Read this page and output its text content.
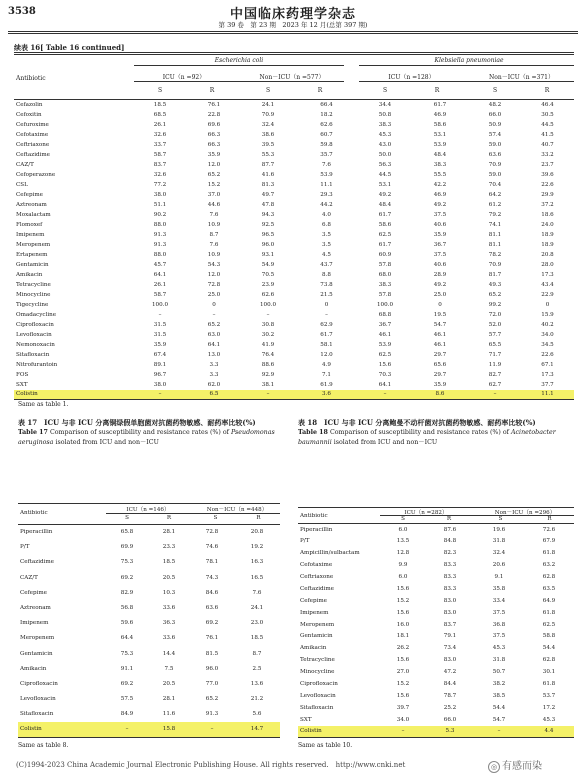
3538	中国临床药理学杂志
第 39 卷　第 23 期　2023 年 12 月(总第 397 期)
续表 16[ Table 16 continued]
Antibiotic
Escherichia coli	Klebsiella pneumoniae
ICU（n =92）	Non－ICU（n =577）	ICU（n =128）	Non－ICU（n =371）
S	R	S	R	S	R	S	R
Cefazolin	18.5	76.1	24.1	66.4	34.4	61.7	48.2	46.4
Cefoxitin	68.5	22.8	70.9	18.2	50.8	46.9	66.0	30.5
Cefuroxime	26.1	69.6	32.4	62.6	38.3	58.6	50.9	44.5
Cefotaxime	32.6	66.3	38.6	60.7	45.3	53.1	57.4	41.5
Ceftriaxone	33.7	66.3	39.5	59.8	43.0	53.9	59.0	40.7
Ceftazidime	58.7	35.9	55.3	35.7	50.0	48.4	63.6	33.2
CAZ/T	83.7	12.0	87.7	7.6	56.3	38.3	70.9	23.7
Cefoperazone	32.6	65.2	41.6	53.9	44.5	55.5	59.0	39.6
CSL	77.2	15.2	81.3	11.1	53.1	42.2	70.4	22.6
Cefepime	38.0	37.0	49.7	29.3	49.2	46.9	64.2	29.9
Aztreonam	51.1	44.6	47.8	44.2	48.4	49.2	61.2	37.2
Moxalactam	90.2	7.6	94.3	4.0	61.7	37.5	79.2	18.6
Flomoxef	88.0	10.9	92.5	6.8	58.6	40.6	74.1	24.0
Imipenem	91.3	8.7	96.5	3.5	62.5	35.9	81.1	18.9
Meropenem	91.3	7.6	96.0	3.5	61.7	36.7	81.1	18.9
Ertapenem	88.0	10.9	93.1	4.5	60.9	37.5	78.2	20.8
Gentamicin	45.7	54.3	54.9	43.7	57.8	40.6	70.9	28.0
Amikacin	64.1	12.0	70.5	8.8	68.0	28.9	81.7	17.3
Tetracycline	26.1	72.8	23.9	73.8	38.3	49.2	49.3	43.4
Minocycline	58.7	25.0	62.6	21.5	57.8	25.0	65.2	22.9
Tigecycline	100.0	0	100.0	0	100.0	0	99.2	0
Omadacycline	–	–	–	–	68.8	19.5	72.0	15.9
Ciprofloxacin	31.5	65.2	30.8	62.9	36.7	54.7	52.0	40.2
Levofloxacin	31.5	63.0	30.2	61.7	46.1	46.1	57.7	34.0
Nemonoxacin	35.9	64.1	41.9	58.1	53.9	46.1	65.5	34.5
Sitafloxacin	67.4	13.0	76.4	12.0	62.5	29.7	71.7	22.6
Nitrofurantoin	89.1	3.3	88.6	4.9	15.6	65.6	11.9	67.1
FOS	96.7	3.3	92.9	7.1	70.3	29.7	82.7	17.3
SXT	38.0	62.0	38.1	61.9	64.1	35.9	62.7	37.7
Colistin	–	6.5	–	3.6	–	8.6	–	11.1
Same as table 1.
表 17　ICU 与非 ICU 分离铜绿假单胞菌对抗菌药物敏感、耐药率比较(%)
Table 17 Comparison of susceptibility and resistance rates (%) of Pseudomonas aeruginosa isolated from ICU and non－ICU
Antibiotic	ICU（n =146）	Non－ICU（n =448）
S	R	S	R
Piperacillin	65.8	28.1	72.8	20.8
P/T	69.9	23.3	74.6	19.2
Ceftazidime	75.3	18.5	78.1	16.3
CAZ/T	69.2	20.5	74.3	16.5
Cefepime	82.9	10.3	84.6	7.6
Aztreonam	56.8	33.6	63.6	24.1
Imipenem	59.6	36.3	69.2	23.0
Meropenem	64.4	33.6	76.1	18.5
Gentamicin	75.3	14.4	81.5	8.7
Amikacin	91.1	7.5	96.0	2.5
Ciprofloxacin	69.2	20.5	77.0	13.6
Levofloxacin	57.5	28.1	65.2	21.2
Sitafloxacin	84.9	11.6	91.3	5.6
Colistin	–	15.8	–	14.7
Same as table 8.
表 18　ICU 与非 ICU 分离鲍曼不动杆菌对抗菌药物敏感、耐药率比较(%)
Table 18 Comparison of susceptibility and resistance rates (%) of Acinetobacter baumannii isolated from ICU and non－ICU
Antibiotic	ICU（n =282）	Non－ICU（n =296）
S	R	S	R
Piperacillin	6.0	87.6	19.6	72.6
P/T	13.5	84.8	31.8	67.9
Ampicillin/sulbactam	12.8	82.3	32.4	61.8
Cefotaxime	9.9	83.3	20.6	63.2
Ceftriaxone	6.0	83.3	9.1	62.8
Ceftazidime	15.6	83.3	35.8	63.5
Cefepime	15.2	83.0	33.4	64.9
Imipenem	15.6	83.0	37.5	61.8
Meropenem	16.0	83.7	36.8	62.5
Gentamicin	18.1	79.1	37.5	58.8
Amikacin	26.2	73.4	45.3	54.4
Tetracycline	15.6	83.0	31.8	62.8
Minocycline	27.0	47.2	50.7	30.1
Ciprofloxacin	15.2	84.4	38.2	61.8
Levofloxacin	15.6	78.7	38.5	53.7
Sitafloxacin	39.7	25.2	54.4	17.2
SXT	34.0	66.0	54.7	45.3
Colistin	–	5.3	–	4.4
Same as table 10.
(C)1994-2023 China Academic Journal Electronic Publishing House. All rights reserved.　http://www.cnki.net	◎ 有感而染
